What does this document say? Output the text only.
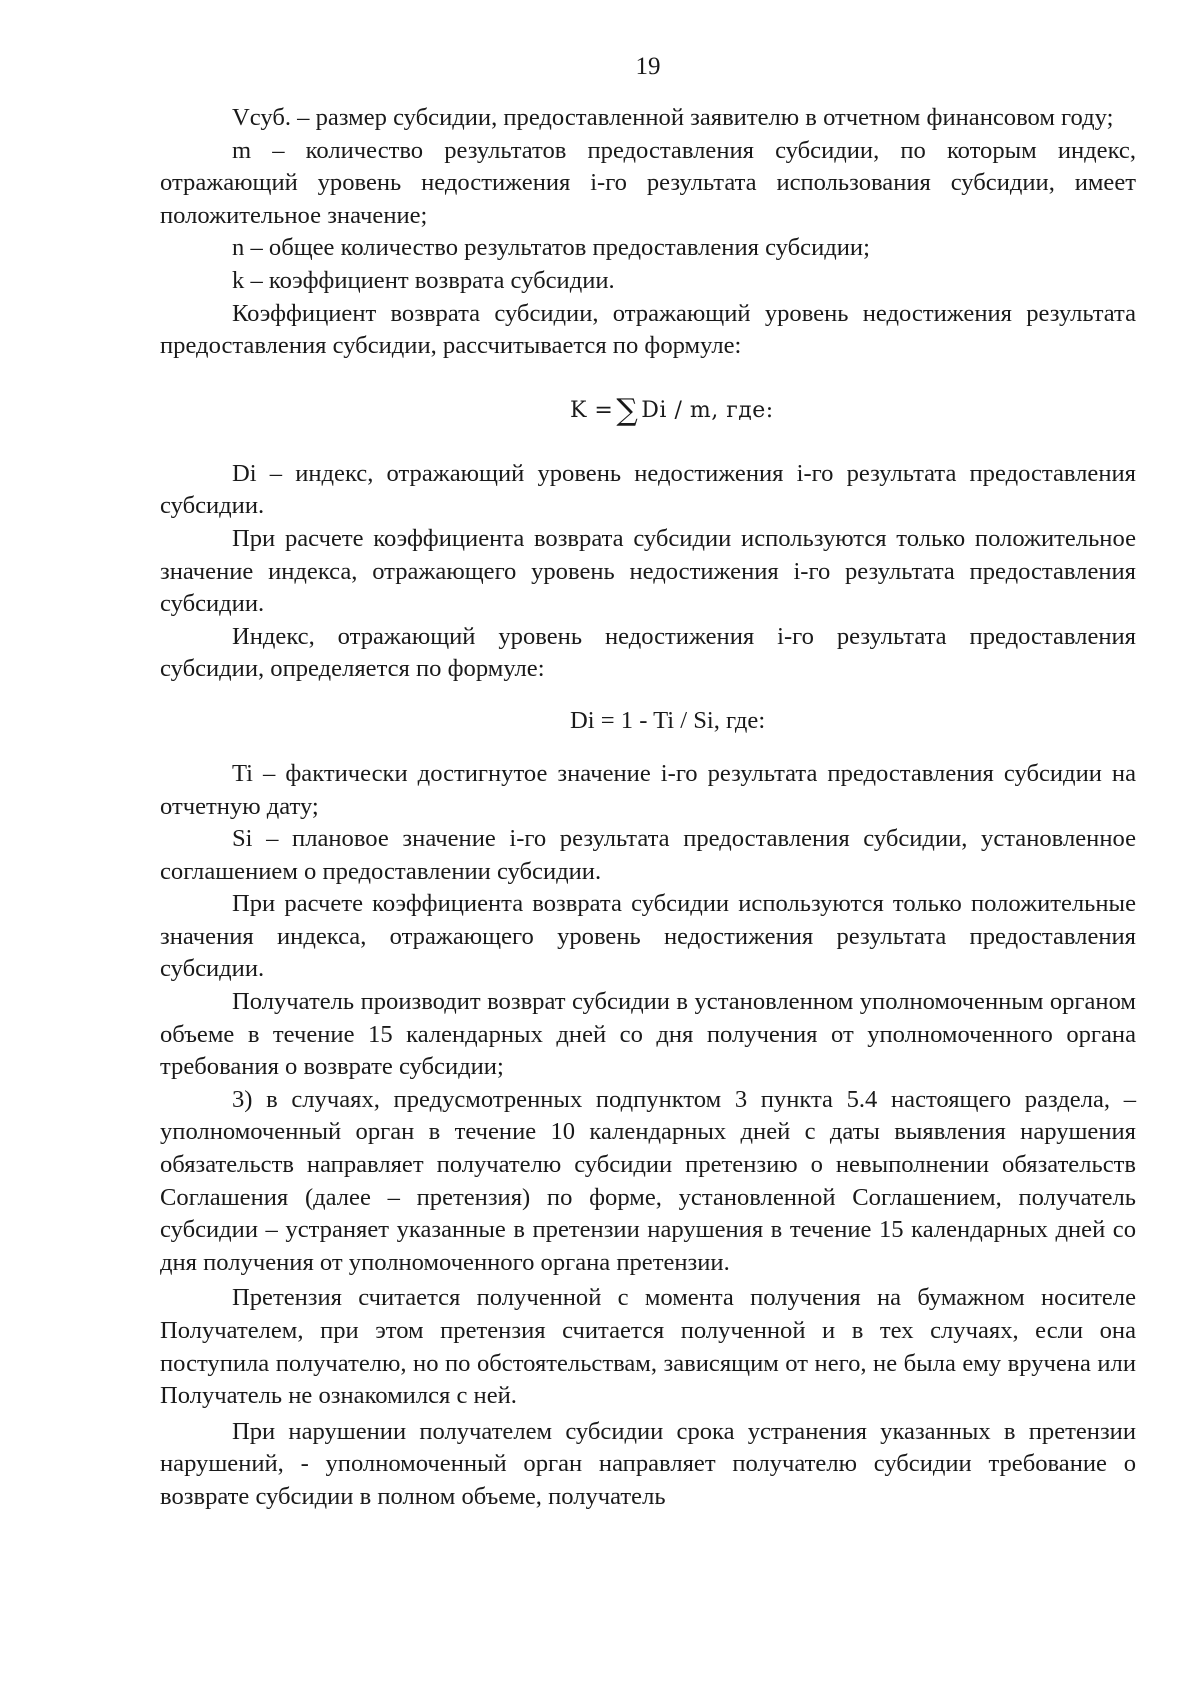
19

Vсуб. – размер субсидии, предоставленной заявителю в отчетном финансовом году;

m – количество результатов предоставления субсидии, по которым индекс, отражающий уровень недостижения i-го результата использования субсидии, имеет положительное значение;

n – общее количество результатов предоставления субсидии;

k – коэффициент возврата субсидии.

Коэффициент возврата субсидии, отражающий уровень недостижения результата предоставления субсидии, рассчитывается по формуле:

K = ∑ Di / m, где:

Di – индекс, отражающий уровень недостижения i-го результата предоставления субсидии.

При расчете коэффициента возврата субсидии используются только положительное значение индекса, отражающего уровень недостижения i-го результата предоставления субсидии.

Индекс, отражающий уровень недостижения i-го результата предоставления субсидии, определяется по формуле:

Di = 1 - Ti / Si, где:

Ti – фактически достигнутое значение i-го результата предоставления субсидии на отчетную дату;

Si – плановое значение i-го результата предоставления субсидии, установленное соглашением о предоставлении субсидии.

При расчете коэффициента возврата субсидии используются только положительные значения индекса, отражающего уровень недостижения результата предоставления субсидии.

Получатель производит возврат субсидии в установленном уполномоченным органом объеме в течение 15 календарных дней со дня получения от уполномоченного органа требования о возврате субсидии;

3) в случаях, предусмотренных подпунктом 3 пункта 5.4 настоящего раздела, – уполномоченный орган в течение 10 календарных дней с даты выявления нарушения обязательств направляет получателю субсидии претензию о невыполнении обязательств Соглашения (далее – претензия) по форме, установленной Соглашением, получатель субсидии – устраняет указанные в претензии нарушения в течение 15 календарных дней со дня получения от уполномоченного органа претензии.

Претензия считается полученной с момента получения на бумажном носителе Получателем, при этом претензия считается полученной и в тех случаях, если она поступила получателю, но по обстоятельствам, зависящим от него, не была ему вручена или Получатель не ознакомился с ней.

При нарушении получателем субсидии срока устранения указанных в претензии нарушений, - уполномоченный орган направляет получателю субсидии требование о возврате субсидии в полном объеме, получатель
